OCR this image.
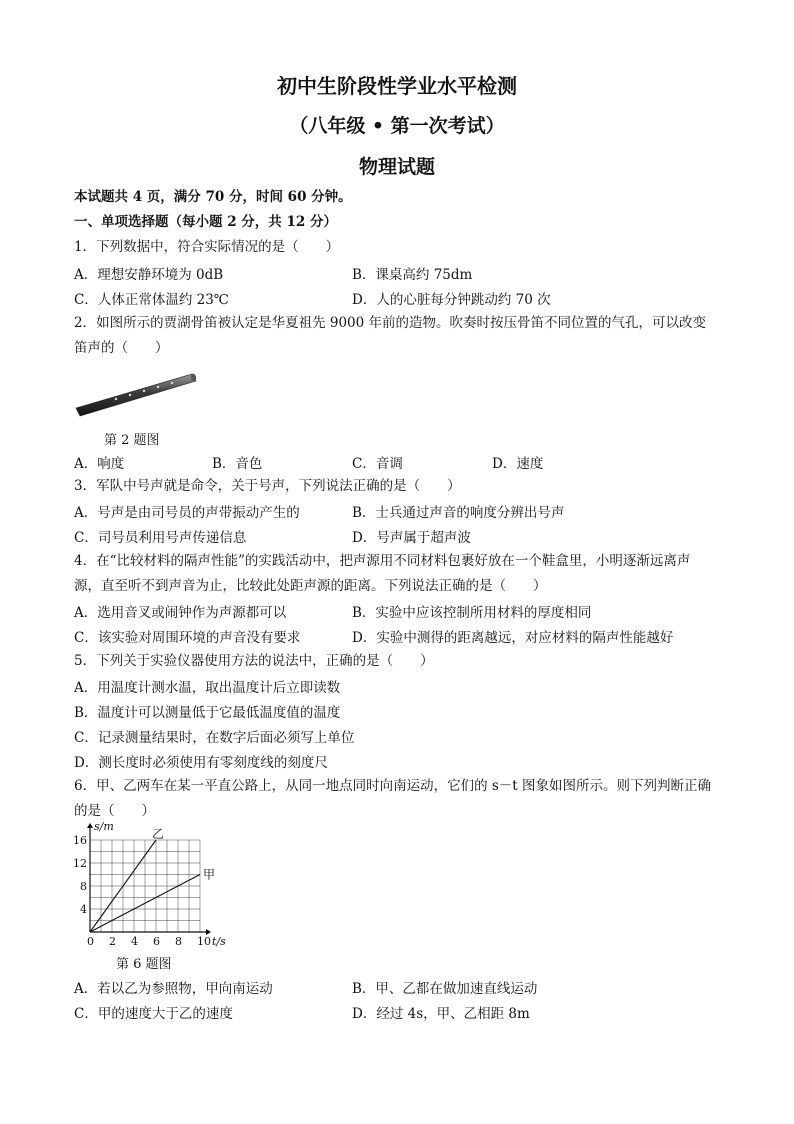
初中生阶段性学业水平检测
（八年级 • 第一次考试）
物理试题
本试题共 4 页，满分 70 分，时间 60 分钟。
一、单项选择题（每小题 2 分，共 12 分）
1．下列数据中，符合实际情况的是（　　）
A．理想安静环境为 0dB	B．课桌高约 75dm
C．人体正常体温约 23℃	D．人的心脏每分钟跳动约 70 次
2．如图所示的贾湖骨笛被认定是华夏祖先 9000 年前的造物。吹奏时按压骨笛不同位置的气孔，可以改变
笛声的（　　）
第 2 题图
A．响度	B．音色	C．音调	D．速度
3．军队中号声就是命令，关于号声，下列说法正确的是（　　）
A．号声是由司号员的声带振动产生的	B．士兵通过声音的响度分辨出号声
C．司号员利用号声传递信息	D．号声属于超声波
4．在“比较材料的隔声性能”的实践活动中，把声源用不同材料包裹好放在一个鞋盒里，小明逐渐远离声
源，直至听不到声音为止，比较此处距声源的距离。下列说法正确的是（　　）
A．选用音叉或闹钟作为声源都可以	B．实验中应该控制所用材料的厚度相同
C．该实验对周围环境的声音没有要求	D．实验中测得的距离越远，对应材料的隔声性能越好
5．下列关于实验仪器使用方法的说法中，正确的是（　　）
A．用温度计测水温，取出温度计后立即读数
B．温度计可以测量低于它最低温度值的温度
C．记录测量结果时，在数字后面必须写上单位
D．测长度时必须使用有零刻度线的刻度尺
6．甲、乙两车在某一平直公路上，从同一地点同时向南运动，它们的 s－t 图象如图所示。则下列判断正确
的是（　　）
0 2 4 6 8 10
4
8
12
16
t/s
s/m
乙
甲
第 6 题图
A．若以乙为参照物，甲向南运动	B．甲、乙都在做加速直线运动
C．甲的速度大于乙的速度	D．经过 4s，甲、乙相距 8m
